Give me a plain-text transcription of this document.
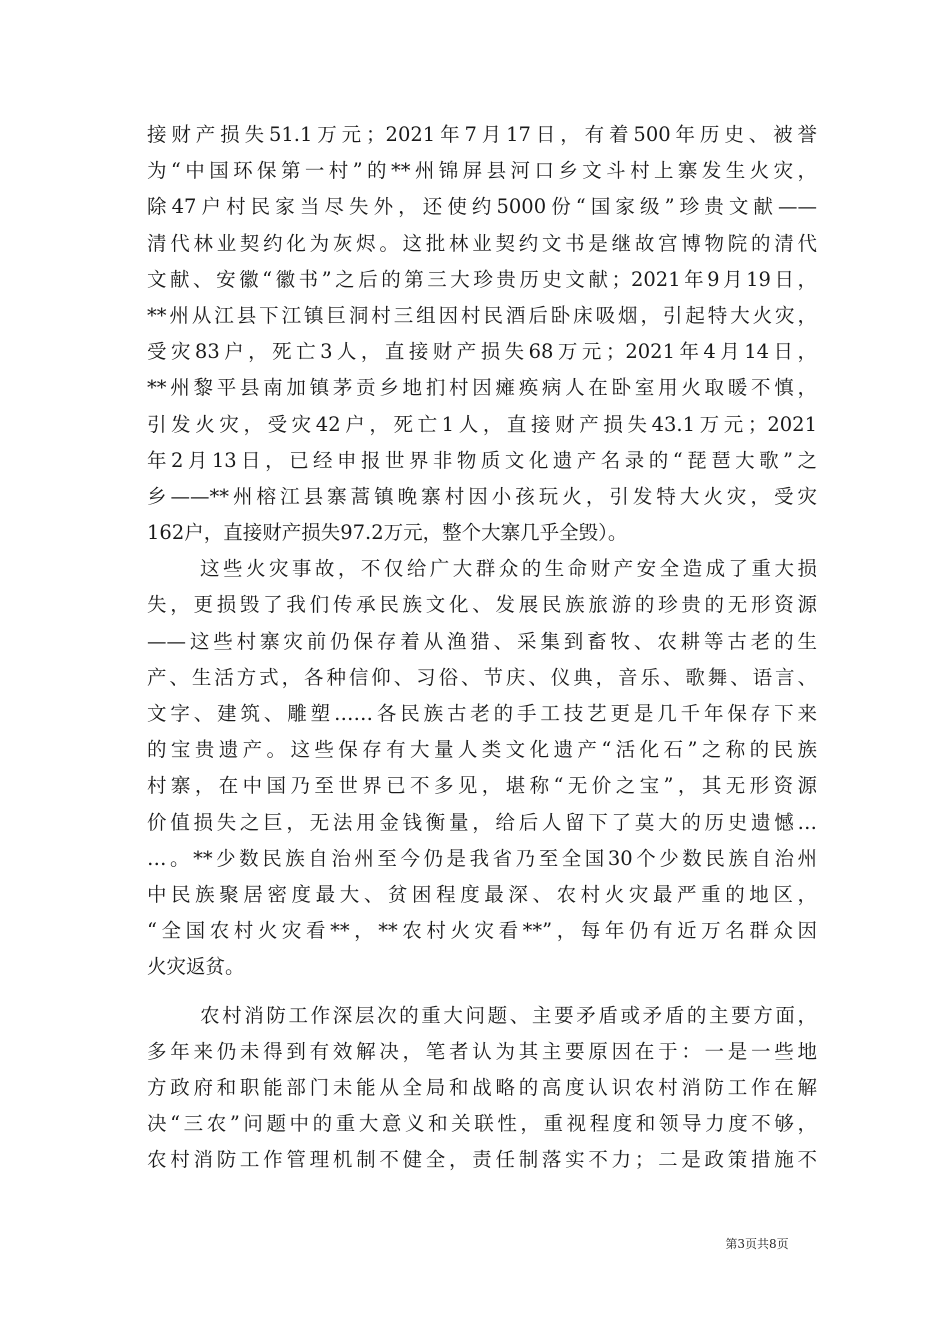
接财产损失51.1万元；2021年7月17日，有着500年历史、被誉
为“中国环保第一村”的**州锦屏县河口乡文斗村上寨发生火灾，
除47户村民家当尽失外，还使约5000份“国家级”珍贵文献——
清代林业契约化为灰烬。这批林业契约文书是继故宫博物院的清代
文献、安徽“徽书”之后的第三大珍贵历史文献；2021年9月19日，
**州从江县下江镇巨洞村三组因村民酒后卧床吸烟，引起特大火灾，
受灾83户，死亡3人，直接财产损失68万元；2021年4月14日，
**州黎平县南加镇茅贡乡地扪村因瘫痪病人在卧室用火取暖不慎，
引发火灾，受灾42户，死亡1人，直接财产损失43.1万元；2021
年2月13日，已经申报世界非物质文化遗产名录的“琵琶大歌”之
乡——**州榕江县寨蒿镇晚寨村因小孩玩火，引发特大火灾，受灾
162户，直接财产损失97.2万元，整个大寨几乎全毁）。
这些火灾事故，不仅给广大群众的生命财产安全造成了重大损
失，更损毁了我们传承民族文化、发展民族旅游的珍贵的无形资源
——这些村寨灾前仍保存着从渔猎、采集到畜牧、农耕等古老的生
产、生活方式，各种信仰、习俗、节庆、仪典，音乐、歌舞、语言、
文字、建筑、雕塑……各民族古老的手工技艺更是几千年保存下来
的宝贵遗产。这些保存有大量人类文化遗产“活化石”之称的民族
村寨，在中国乃至世界已不多见，堪称“无价之宝”，其无形资源
价值损失之巨，无法用金钱衡量，给后人留下了莫大的历史遗憾…
…。**少数民族自治州至今仍是我省乃至全国30个少数民族自治州
中民族聚居密度最大、贫困程度最深、农村火灾最严重的地区，
“全国农村火灾看**，**农村火灾看**”，每年仍有近万名群众因
火灾返贫。
农村消防工作深层次的重大问题、主要矛盾或矛盾的主要方面，
多年来仍未得到有效解决，笔者认为其主要原因在于：一是一些地
方政府和职能部门未能从全局和战略的高度认识农村消防工作在解
决“三农”问题中的重大意义和关联性，重视程度和领导力度不够，
农村消防工作管理机制不健全，责任制落实不力；二是政策措施不
第3页共8页
